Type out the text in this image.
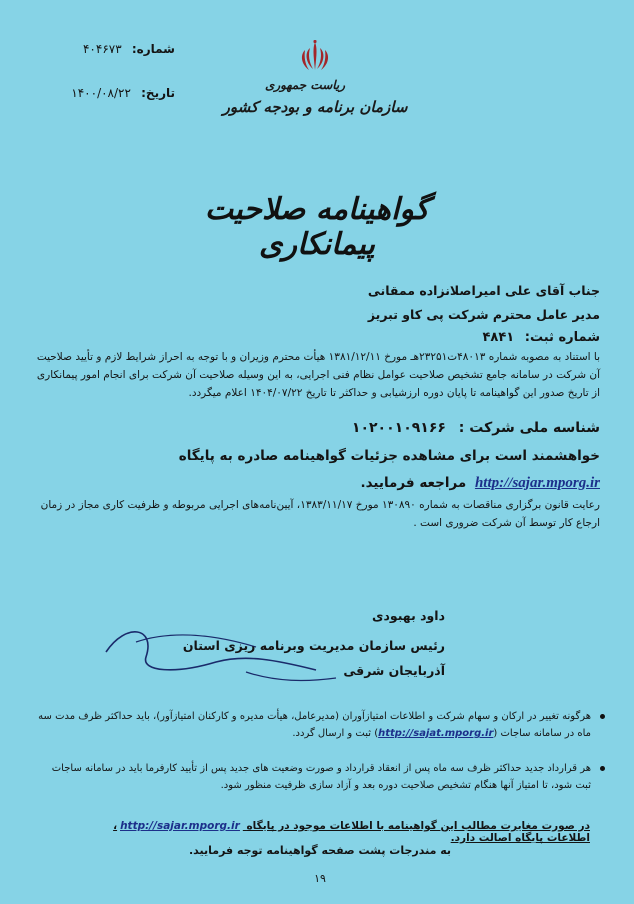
شماره: ۴۰۴۶۷۳
تاریخ: ۱۴۰۰/۰۸/۲۲
ریاست جمهوری
سازمان برنامه و بودجه کشور
گواهینامه صلاحیت پیمانکاری
جناب آقای علی امیراصلانزاده ممقانی
مدیر عامل محترم شرکت پی کاو تبریز
شماره ثبت: ۴۸۴۱
با استناد به مصوبه شماره ۴۸۰۱۳ت۲۳۲۵۱هـ مورخ ۱۳۸۱/۱۲/۱۱ هیأت محترم وزیران و با توجه به احراز شرایط لازم و تأیید صلاحیت آن شرکت در سامانه جامع تشخیص صلاحیت عوامل نظام فنی اجرایی، به این وسیله صلاحیت آن شرکت برای انجام امور پیمانکاری از تاریخ صدور این گواهینامه تا پایان دوره ارزشیابی و حداکثر تا تاریخ ۱۴۰۴/۰۷/۲۲ اعلام میگردد.
شناسه ملی شرکت : ۱۰۲۰۰۱۰۹۱۶۶
خواهشمند است برای مشاهده جزئیات گواهینامه صادره به پایگاه
http://sajar.mporg.ir مراجعه فرمایید.
رعایت قانون برگزاری مناقصات به شماره ۱۳۰۸۹۰ مورخ ۱۳۸۳/۱۱/۱۷، آیین‌نامه‌های اجرایی مربوطه و ظرفیت کاری مجاز در زمان ارجاع کار توسط آن شرکت ضروری است .
داود بهبودی
رئیس سازمان مدیریت وبرنامه ریزی استان
آذربایجان شرقی
هرگونه تغییر در ارکان و سهام شرکت و اطلاعات امتیازآوران (مدیرعامل، هیأت مدیره و کارکنان امتیازآور)، باید حداکثر ظرف مدت سه ماه در سامانه ساجات (http://sajat.mporg.ir) ثبت و ارسال گردد.
هر قرارداد جدید حداکثر ظرف سه ماه پس از انعقاد قرارداد و صورت وضعیت های جدید پس از تأیید کارفرما باید در سامانه ساجات ثبت شود، تا امتیاز آنها هنگام تشخیص صلاحیت دوره بعد و آزاد سازی ظرفیت منظور شود.
در صورت مغایرت مطالب این گواهینامه با اطلاعات موجود در پایگاه http://sajar.mporg.ir، اطلاعات پایگاه اصالت دارد.
به مندرجات پشت صفحه گواهینامه توجه فرمایید.
۱۹
